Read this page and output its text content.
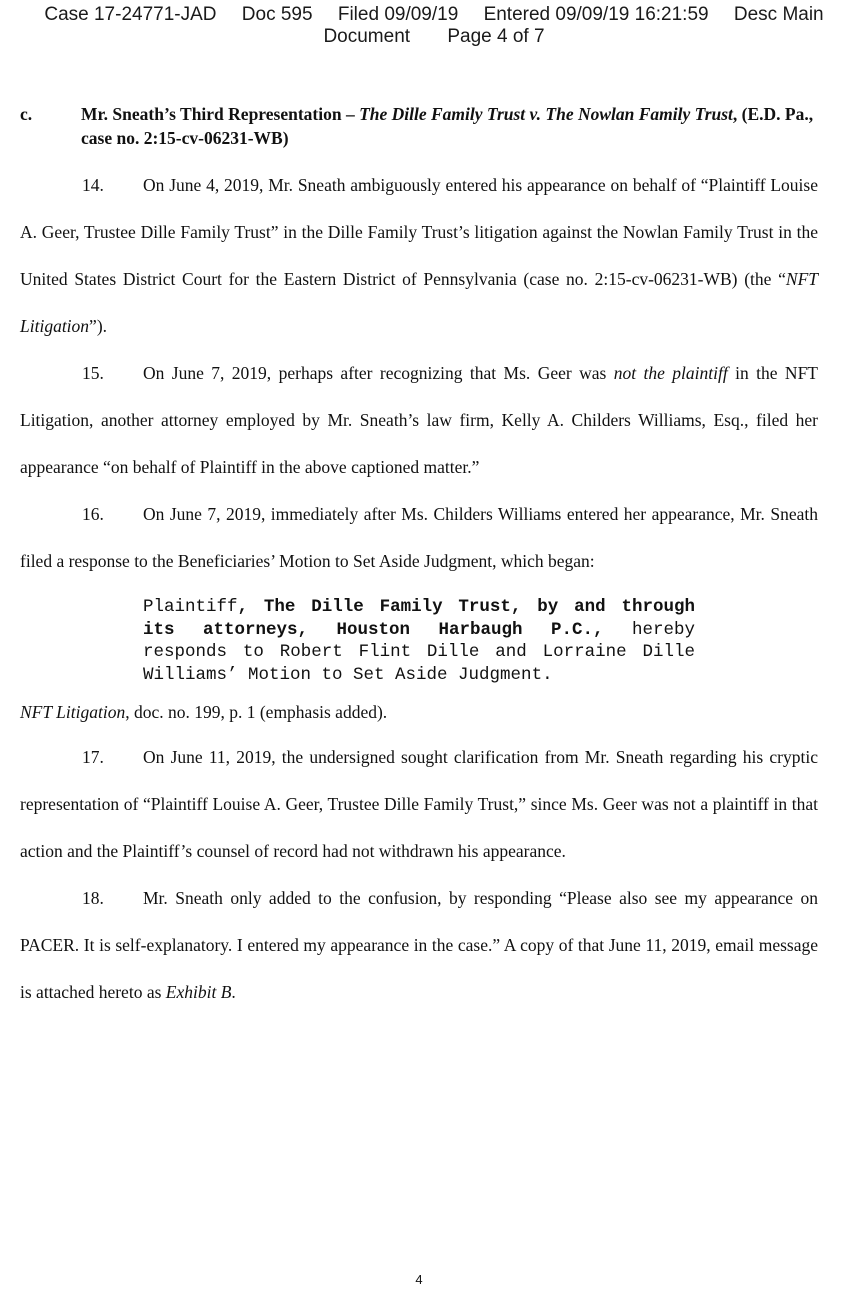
Case 17-24771-JAD Doc 595 Filed 09/09/19 Entered 09/09/19 16:21:59 Desc Main
Document Page 4 of 7
c.	Mr. Sneath’s Third Representation – The Dille Family Trust v. The Nowlan Family Trust, (E.D. Pa., case no. 2:15-cv-06231-WB)

14. On June 4, 2019, Mr. Sneath ambiguously entered his appearance on behalf of “Plaintiff Louise A. Geer, Trustee Dille Family Trust” in the Dille Family Trust’s litigation against the Nowlan Family Trust in the United States District Court for the Eastern District of Pennsylvania (case no. 2:15-cv-06231-WB) (the “NFT Litigation”).

15. On June 7, 2019, perhaps after recognizing that Ms. Geer was not the plaintiff in the NFT Litigation, another attorney employed by Mr. Sneath’s law firm, Kelly A. Childers Williams, Esq., filed her appearance “on behalf of Plaintiff in the above captioned matter.”

16. On June 7, 2019, immediately after Ms. Childers Williams entered her appearance, Mr. Sneath filed a response to the Beneficiaries’ Motion to Set Aside Judgment, which began:

Plaintiff, The Dille Family Trust, by and through its attorneys, Houston Harbaugh P.C., hereby responds to Robert Flint Dille and Lorraine Dille Williams’ Motion to Set Aside Judgment.
NFT Litigation, doc. no. 199, p. 1 (emphasis added).

17. On June 11, 2019, the undersigned sought clarification from Mr. Sneath regarding his cryptic representation of “Plaintiff Louise A. Geer, Trustee Dille Family Trust,” since Ms. Geer was not a plaintiff in that action and the Plaintiff’s counsel of record had not withdrawn his appearance.

18. Mr. Sneath only added to the confusion, by responding “Please also see my appearance on PACER. It is self-explanatory. I entered my appearance in the case.” A copy of that June 11, 2019, email message is attached hereto as Exhibit B.

4
